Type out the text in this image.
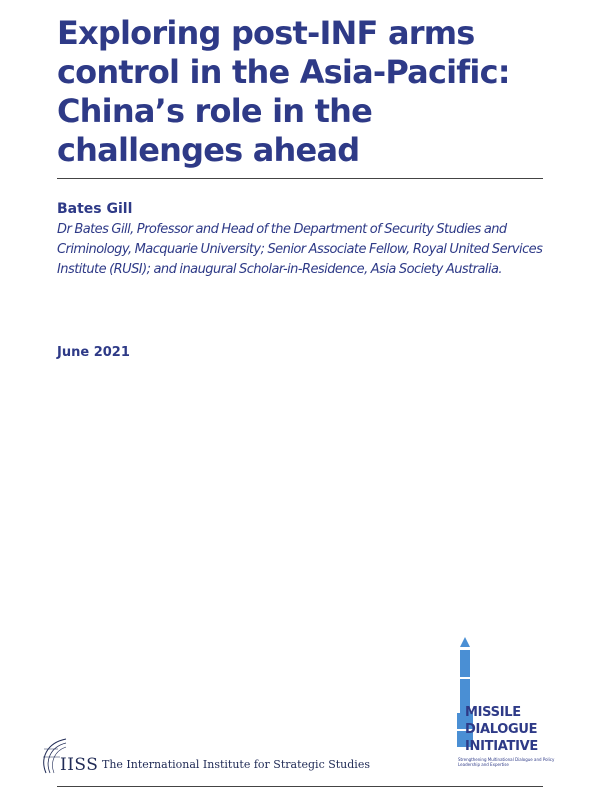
Exploring post-INF arms control in the Asia-Pacific: China’s role in the challenges ahead
Bates Gill

Dr Bates Gill, Professor and Head of the Department of Security Studies and Criminology, Macquarie University; Senior Associate Fellow, Royal United Services Institute (RUSI); and inaugural Scholar-in-Residence, Asia Society Australia.

June 2021
IISS The International Institute for Strategic Studies
MISSILE
DIALOGUE
INITIATIVE
Strengthening Multinational Dialogue and Policy Leadership and Expertise
